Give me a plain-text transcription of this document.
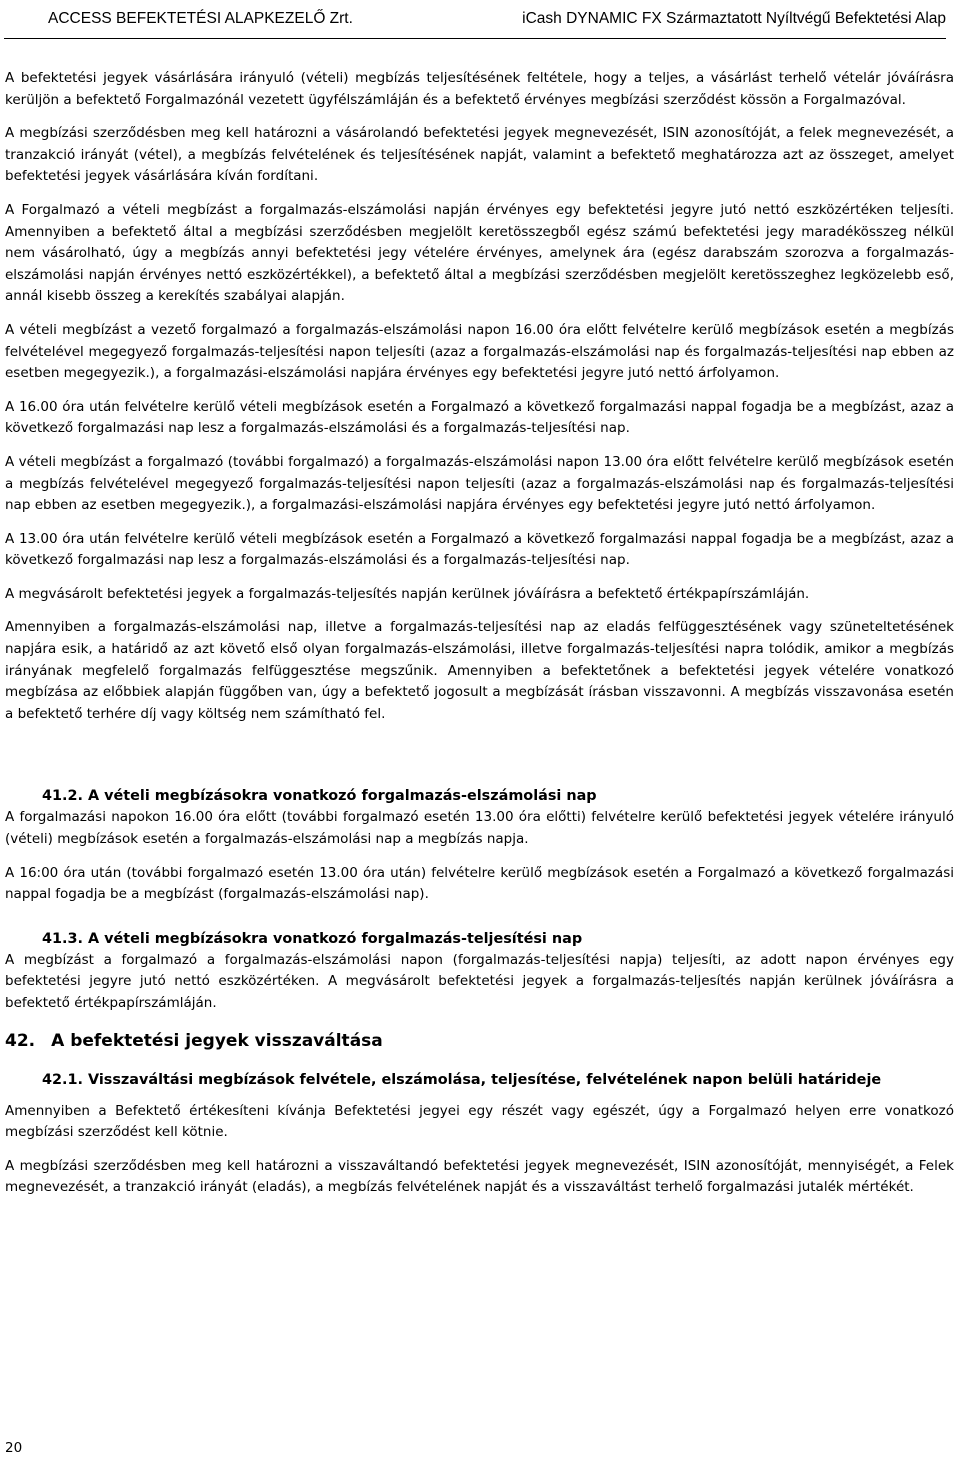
ACCESS BEFEKTETÉSI ALAPKEZELŐ Zrt.	iCash DYNAMIC FX Származtatott Nyíltvégű Befektetési Alap

A befektetési jegyek vásárlására irányuló (vételi) megbízás teljesítésének feltétele, hogy a teljes, a vásárlást terhelő vételár jóváírásra kerüljön a befektető Forgalmazónál vezetett ügyfélszámláján és a befektető érvényes megbízási szerződést kössön a Forgalmazóval.

A megbízási szerződésben meg kell határozni a vásárolandó befektetési jegyek megnevezését, ISIN azonosítóját, a felek megnevezését, a tranzakció irányát (vétel), a megbízás felvételének és teljesítésének napját, valamint a befektető meghatározza azt az összeget, amelyet befektetési jegyek vásárlására kíván fordítani.

A Forgalmazó a vételi megbízást a forgalmazás-elszámolási napján érvényes egy befektetési jegyre jutó nettó eszközértéken teljesíti. Amennyiben a befektető által a megbízási szerződésben megjelölt keretösszegből egész számú befektetési jegy maradékösszeg nélkül nem vásárolható, úgy a megbízás annyi befektetési jegy vételére érvényes, amelynek ára (egész darabszám szorozva a forgalmazás-elszámolási napján érvényes nettó eszközértékkel), a befektető által a megbízási szerződésben megjelölt keretösszeghez legközelebb eső, annál kisebb összeg a kerekítés szabályai alapján.

A vételi megbízást a vezető forgalmazó a forgalmazás-elszámolási napon 16.00 óra előtt felvételre kerülő megbízások esetén a megbízás felvételével megegyező forgalmazás-teljesítési napon teljesíti (azaz a forgalmazás-elszámolási nap és forgalmazás-teljesítési nap ebben az esetben megegyezik.), a forgalmazási-elszámolási napjára érvényes egy befektetési jegyre jutó nettó árfolyamon.

A 16.00 óra után felvételre kerülő vételi megbízások esetén a Forgalmazó a következő forgalmazási nappal fogadja be a megbízást, azaz a következő forgalmazási nap lesz a forgalmazás-elszámolási és a forgalmazás-teljesítési nap.

A vételi megbízást a forgalmazó (további forgalmazó) a forgalmazás-elszámolási napon 13.00 óra előtt felvételre kerülő megbízások esetén a megbízás felvételével megegyező forgalmazás-teljesítési napon teljesíti (azaz a forgalmazás-elszámolási nap és forgalmazás-teljesítési nap ebben az esetben megegyezik.), a forgalmazási-elszámolási napjára érvényes egy befektetési jegyre jutó nettó árfolyamon.

A 13.00 óra után felvételre kerülő vételi megbízások esetén a Forgalmazó a következő forgalmazási nappal fogadja be a megbízást, azaz a következő forgalmazási nap lesz a forgalmazás-elszámolási és a forgalmazás-teljesítési nap.

A megvásárolt befektetési jegyek a forgalmazás-teljesítés napján kerülnek jóváírásra a befektető értékpapírszámláján.

Amennyiben a forgalmazás-elszámolási nap, illetve a forgalmazás-teljesítési nap az eladás felfüggesztésének vagy szüneteltetésének napjára esik, a határidő az azt követő első olyan forgalmazás-elszámolási, illetve forgalmazás-teljesítési napra tolódik, amikor a megbízás irányának megfelelő forgalmazás felfüggesztése megszűnik. Amennyiben a befektetőnek a befektetési jegyek vételére vonatkozó megbízása az előbbiek alapján függőben van, úgy a befektető jogosult a megbízását írásban visszavonni. A megbízás visszavonása esetén a befektető terhére díj vagy költség nem számítható fel.

41.2. A vételi megbízásokra vonatkozó forgalmazás-elszámolási nap

A forgalmazási napokon 16.00 óra előtt (további forgalmazó esetén 13.00 óra előtti) felvételre kerülő befektetési jegyek vételére irányuló (vételi) megbízások esetén a forgalmazás-elszámolási nap a megbízás napja.

A 16:00 óra után (további forgalmazó esetén 13.00 óra után) felvételre kerülő megbízások esetén a Forgalmazó a következő forgalmazási nappal fogadja be a megbízást (forgalmazás-elszámolási nap).

41.3. A vételi megbízásokra vonatkozó forgalmazás-teljesítési nap

A megbízást a forgalmazó a forgalmazás-elszámolási napon (forgalmazás-teljesítési napja) teljesíti, az adott napon érvényes egy befektetési jegyre jutó nettó eszközértéken. A megvásárolt befektetési jegyek a forgalmazás-teljesítés napján kerülnek jóváírásra a befektető értékpapírszámláján.

42. A befektetési jegyek visszaváltása
42.1. Visszaváltási megbízások felvétele, elszámolása, teljesítése, felvételének napon belüli határideje

Amennyiben a Befektető értékesíteni kívánja Befektetési jegyei egy részét vagy egészét, úgy a Forgalmazó helyen erre vonatkozó megbízási szerződést kell kötnie.

A megbízási szerződésben meg kell határozni a visszaváltandó befektetési jegyek megnevezését, ISIN azonosítóját, mennyiségét, a Felek megnevezését, a tranzakció irányát (eladás), a megbízás felvételének napját és a visszaváltást terhelő forgalmazási jutalék mértékét.

20
